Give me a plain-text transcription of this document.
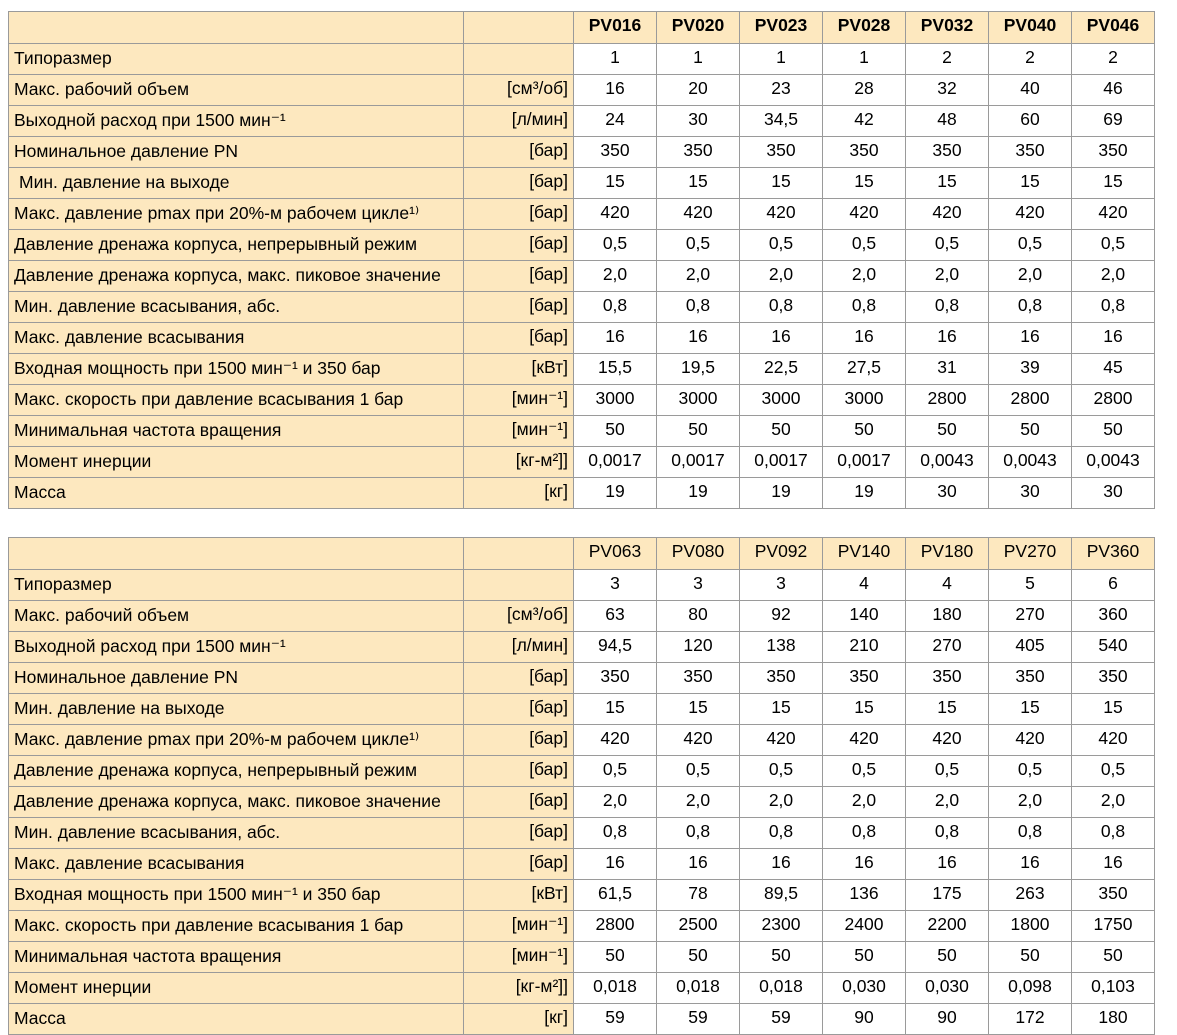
		PV016	PV020	PV023	PV028	PV032	PV040	PV046
Типоразмер		1	1	1	1	2	2	2
Макс. рабочий объем	[см³/об]	16	20	23	28	32	40	46
Выходной расход при 1500 мин⁻¹	[л/мин]	24	30	34,5	42	48	60	69
Номинальное давление PN	[бар]	350	350	350	350	350	350	350
Мин. давление на выходе	[бар]	15	15	15	15	15	15	15
Макс. давление pmax при 20%-м рабочем цикле¹⁾	[бар]	420	420	420	420	420	420	420
Давление дренажа корпуса, непрерывный режим	[бар]	0,5	0,5	0,5	0,5	0,5	0,5	0,5
Давление дренажа корпуса, макс. пиковое значение	[бар]	2,0	2,0	2,0	2,0	2,0	2,0	2,0
Мин. давление всасывания, абс.	[бар]	0,8	0,8	0,8	0,8	0,8	0,8	0,8
Макс. давление всасывания	[бар]	16	16	16	16	16	16	16
Входная мощность при 1500 мин⁻¹ и 350 бар	[кВт]	15,5	19,5	22,5	27,5	31	39	45
Макс. скорость при давление всасывания 1 бар	[мин⁻¹]	3000	3000	3000	3000	2800	2800	2800
Минимальная частота вращения	[мин⁻¹]	50	50	50	50	50	50	50
Момент инерции	[кг-м²]]	0,0017	0,0017	0,0017	0,0017	0,0043	0,0043	0,0043
Масса	[кг]	19	19	19	19	30	30	30
		PV063	PV080	PV092	PV140	PV180	PV270	PV360
Типоразмер		3	3	3	4	4	5	6
Макс. рабочий объем	[см³/об]	63	80	92	140	180	270	360
Выходной расход при 1500 мин⁻¹	[л/мин]	94,5	120	138	210	270	405	540
Номинальное давление PN	[бар]	350	350	350	350	350	350	350
Мин. давление на выходе	[бар]	15	15	15	15	15	15	15
Макс. давление pmax при 20%-м рабочем цикле¹⁾	[бар]	420	420	420	420	420	420	420
Давление дренажа корпуса, непрерывный режим	[бар]	0,5	0,5	0,5	0,5	0,5	0,5	0,5
Давление дренажа корпуса, макс. пиковое значение	[бар]	2,0	2,0	2,0	2,0	2,0	2,0	2,0
Мин. давление всасывания, абс.	[бар]	0,8	0,8	0,8	0,8	0,8	0,8	0,8
Макс. давление всасывания	[бар]	16	16	16	16	16	16	16
Входная мощность при 1500 мин⁻¹ и 350 бар	[кВт]	61,5	78	89,5	136	175	263	350
Макс. скорость при давление всасывания 1 бар	[мин⁻¹]	2800	2500	2300	2400	2200	1800	1750
Минимальная частота вращения	[мин⁻¹]	50	50	50	50	50	50	50
Момент инерции	[кг-м²]]	0,018	0,018	0,018	0,030	0,030	0,098	0,103
Масса	[кг]	59	59	59	90	90	172	180
